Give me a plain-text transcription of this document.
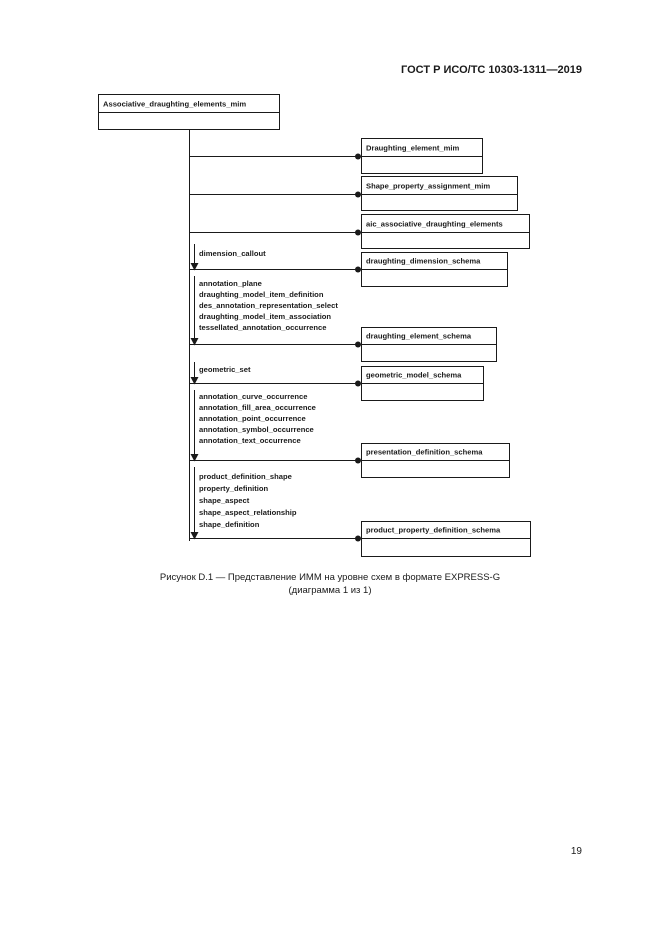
ГОСТ Р ИСО/ТС 10303-1311—2019
Associative_draughting_elements_mim
Draughting_element_mim
Shape_property_assignment_mim
aic_associative_draughting_elements
draughting_dimension_schema
draughting_element_schema
geometric_model_schema
presentation_definition_schema
product_property_definition_schema
dimension_callout
annotation_plane
draughting_model_item_definition
des_annotation_representation_select
draughting_model_item_association
tessellated_annotation_occurrence
geometric_set
annotation_curve_occurrence
annotation_fill_area_occurrence
annotation_point_occurrence
annotation_symbol_occurrence
annotation_text_occurrence
product_definition_shape
property_definition
shape_aspect
shape_aspect_relationship
shape_definition
Рисунок D.1 — Представление ИММ на уровне схем в формате EXPRESS-G
(диаграмма 1 из 1)
19
